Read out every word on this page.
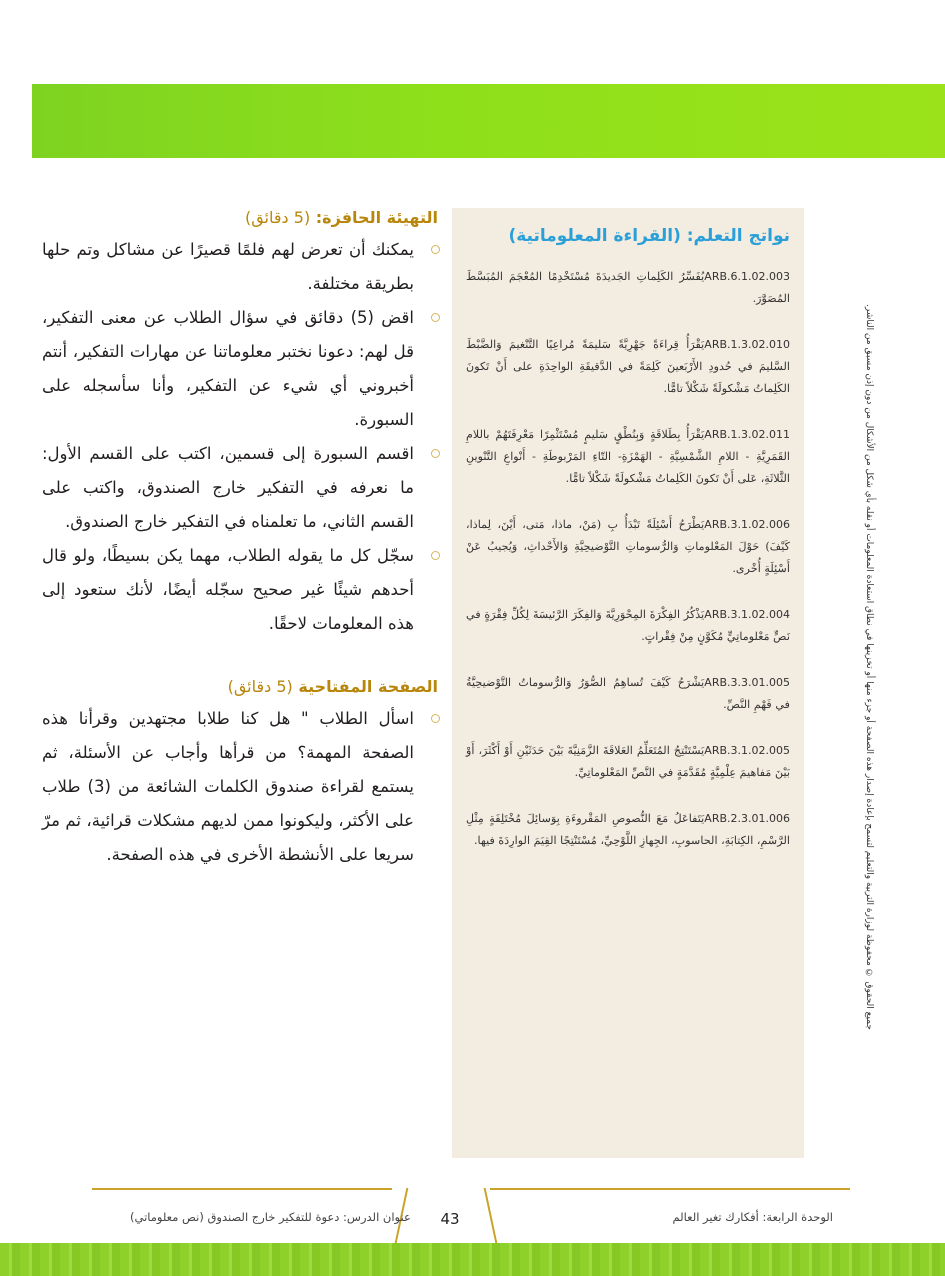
جميع الحقوق © محفوظة لوزارة التربية والتعليم لتسمح بإعادة إصدار هذه الصفحة أو جزء منها أو تخزينها في نطاق استعادة المعلومات أو نقله بأي شكل من الأشكال من دون إذن مسبق من الناشر.
نواتج التعلم: (القراءة المعلوماتية)
ARB.6.1.02.003يُفَسِّرُ الكَلِماتِ الجَديدَةَ مُسْتَخْدِمًا المُعْجَمَ المُبَسَّطَ المُصَوَّرَ.
ARB.1.3.02.010يَقْرَأُ قِراءَةً جَهْرِيَّةً سَليمَةً مُراعِيًا التَّنْغيمَ وَالضَّبْطَ السَّليمَ في حُدودِ الأَرْبَعينَ كَلِمَةً في الدَّقيقَةِ الواحِدَةِ على أَنْ تَكونَ الكَلِماتُ مَشْكولَةً شَكْلاً تامًّا.
ARB.1.3.02.011يَقْرَأُ بِطَلاقَةٍ وَبِنُطْقٍ سَليمٍ مُسْتَثْمِرًا مَعْرِفَتَهُمْ باللامِ القَمَرِيَّةِ - اللامِ الشَّمْسِيَّةِ - الهَمْزَةِ- التّاءِ المَرْبوطَةِ - أَنْواعِ التَّنْوينِ الثَّلاثَةِ، عَلى أَنْ تَكونَ الكَلِماتُ مَشْكولَةً شَكْلاً تامًّا.
ARB.3.1.02.006يَطْرَحُ أَسْئِلَةً تَبْدَأُ بِ (مَنْ، ماذا، مَتى، أَيْنَ، لِماذا، كَيْفَ) حَوْلَ المَعْلوماتِ وَالرُّسوماتِ التَّوْضيحِيَّةِ وَالأَحْداثِ، وَيُجيبُ عَنْ أَسْئِلَةٍ أُخْرى.
ARB.3.1.02.004يَذْكُرُ الفِكْرَةَ المِحْوَرِيَّةَ وَالفِكَرَ الرَّئيسَةَ لِكُلِّ فِقْرَةٍ في نَصٍّ مَعْلوماتِيٍّ مُكَوَّنٍ مِنْ فِقْراتٍ.
ARB.3.3.01.005يَشْرَحُ كَيْفَ تُساهِمُ الصُّوَرُ وَالرُّسوماتُ التَّوْضيحِيَّةُ في فَهْمِ النَّصِّ.
ARB.3.1.02.005يَسْتَنْتِجُ المُتَعَلِّمُ العَلاقَةَ الزَّمَنِيَّةَ بَيْنَ حَدَثَيْنِ أَوْ أَكْثَرَ، أَوْ بَيْنَ مَفاهيمَ عِلْمِيَّةٍ مُقَدَّمَةٍ في النَّصِّ المَعْلوماتِيِّ.
ARB.2.3.01.006يَتَفاعَلُ مَعَ النُّصوصِ المَقْروءَةِ بِوَسائِلَ مُخْتَلِفَةٍ مِثْلِ الرَّسْمِ، الكِتابَةِ، الحاسوبِ، الجِهازِ اللَّوْحِيِّ، مُسْتَنْتِجًا القِيَمَ الوارِدَةَ فيها.
التهيئة الحافزة: (5 دقائق)
يمكنك أن تعرض لهم فلمًا قصيرًا عن مشاكل وتم حلها بطريقة مختلفة.
اقض (5) دقائق في سؤال الطلاب عن معنى التفكير، قل لهم: دعونا نختبر معلوماتنا عن مهارات التفكير، أنتم أخبروني أي شيء عن التفكير، وأنا سأسجله على السبورة.
اقسم السبورة إلى قسمين، اكتب على القسم الأول: ما نعرفه في التفكير خارج الصندوق، واكتب على القسم الثاني، ما تعلمناه في التفكير خارج الصندوق.
سجّل كل ما يقوله الطلاب، مهما يكن بسيطًا، ولو قال أحدهم شيئًا غير صحيح سجّله أيضًا، لأنك ستعود إلى هذه المعلومات لاحقًا.
الصفحة المفتاحية (5 دقائق)
اسأل الطلاب " هل كنا طلابا مجتهدين وقرأنا هذه الصفحة المهمة؟ من قرأها وأجاب عن الأسئلة، ثم يستمع لقراءة صندوق الكلمات الشائعة من (3) طلاب على الأكثر، وليكونوا ممن لديهم مشكلات قرائية، ثم مرّ سريعا على الأنشطة الأخرى في هذه الصفحة.
43	الوحدة الرابعة: أفكارك تغير العالم
عنوان الدرس: دعوة للتفكير خارج الصندوق (نص معلوماتي)
